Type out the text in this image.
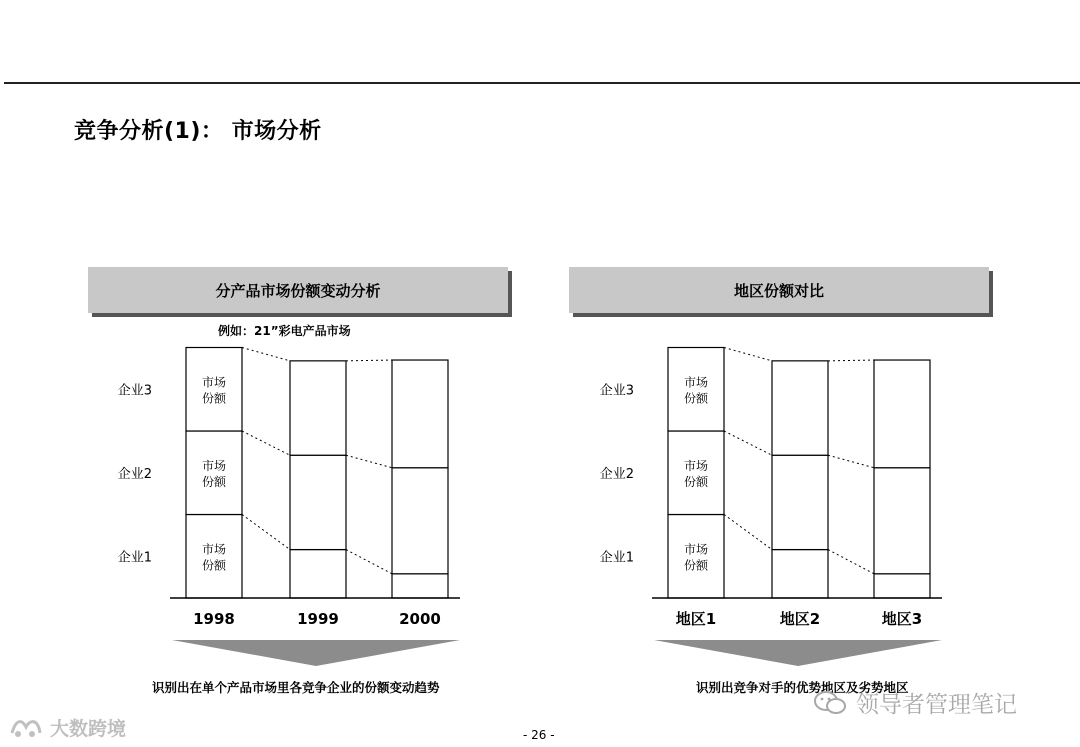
竞争分析(1)： 市场分析
分产品市场份额变动分析	地区份额对比
例如：21”彩电产品市场
市场
份额
市场
份额
市场
份额
企业1
企业2
企业3
1998	1999	2000
市场
份额
市场
份额
市场
份额
企业1
企业2
企业3
地区1	地区2	地区3
识别出在单个产品市场里各竞争企业的份额变动趋势	识别出竞争对手的优势地区及劣势地区
- 26 -
大数跨境
领导者管理笔记
